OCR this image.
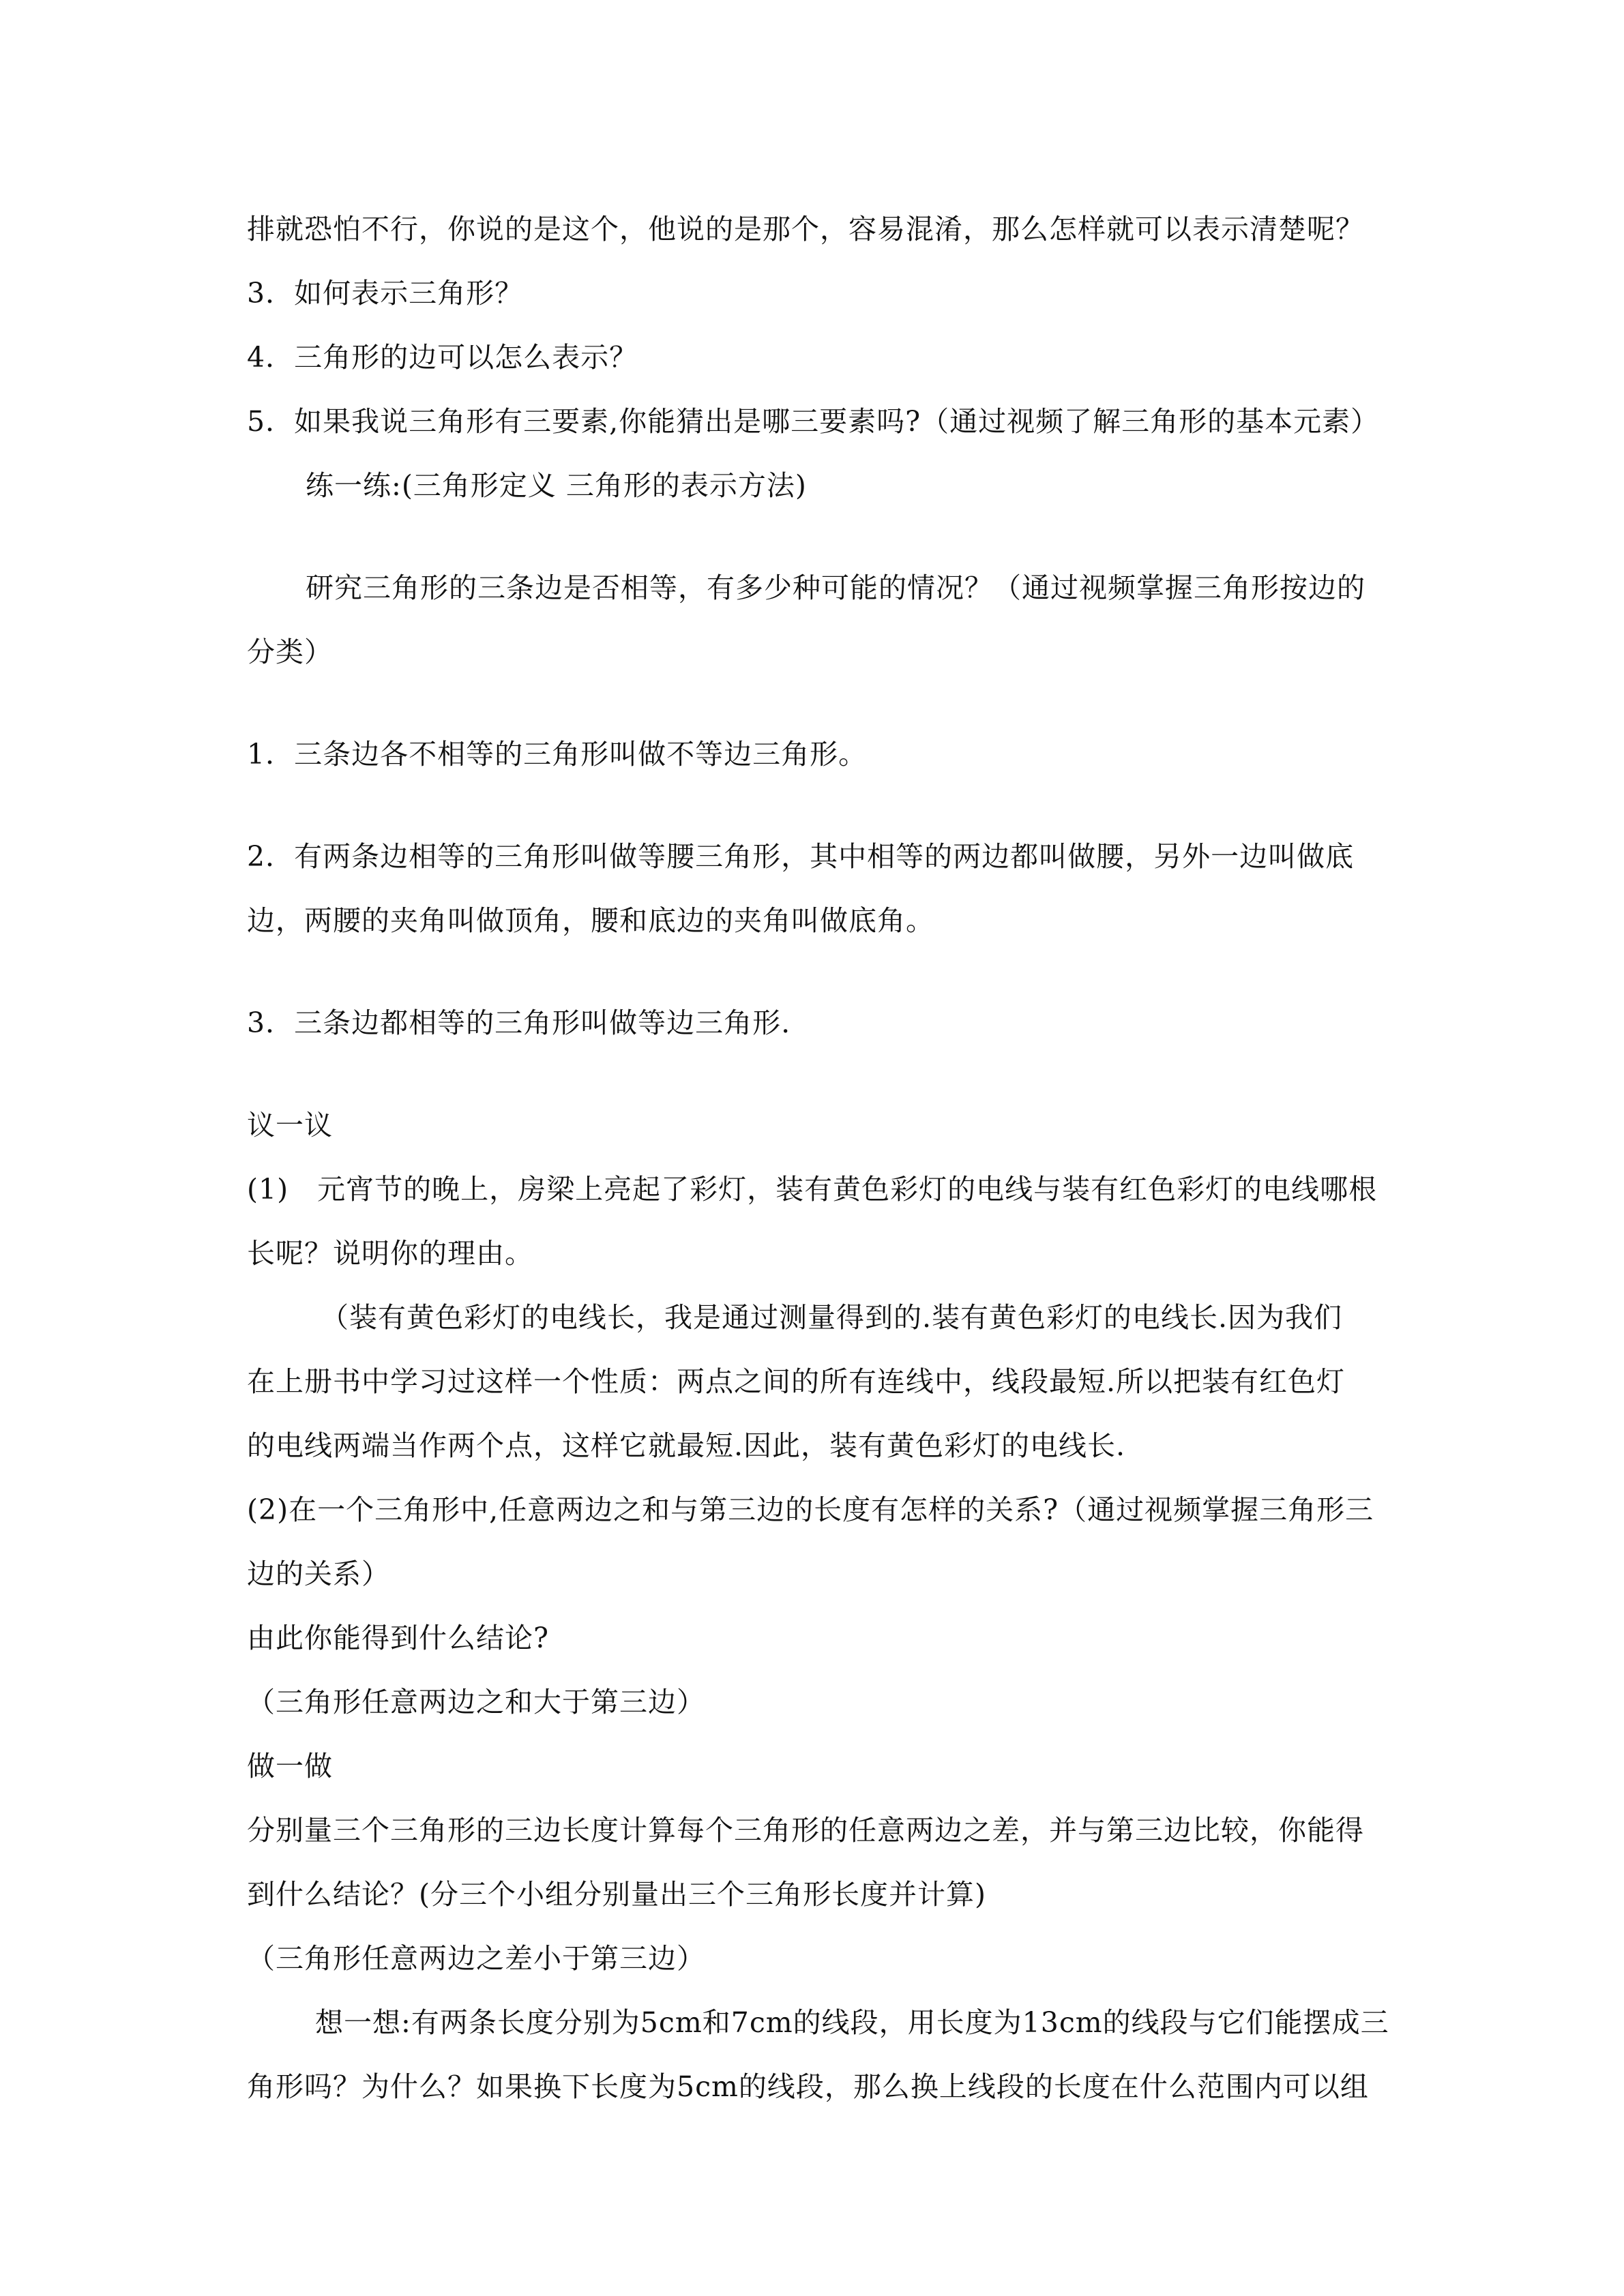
排就恐怕不行，你说的是这个，他说的是那个，容易混淆，那么怎样就可以表示清楚呢？
3．如何表示三角形？
4．三角形的边可以怎么表示？
5．如果我说三角形有三要素,你能猜出是哪三要素吗?（通过视频了解三角形的基本元素）
练一练:(三角形定义 三角形的表示方法)
研究三角形的三条边是否相等，有多少种可能的情况？（通过视频掌握三角形按边的
分类）
1．三条边各不相等的三角形叫做不等边三角形。
2．有两条边相等的三角形叫做等腰三角形，其中相等的两边都叫做腰，另外一边叫做底
边，两腰的夹角叫做顶角，腰和底边的夹角叫做底角。
3．三条边都相等的三角形叫做等边三角形.
议一议
(1)　元宵节的晚上，房梁上亮起了彩灯，装有黄色彩灯的电线与装有红色彩灯的电线哪根
长呢？说明你的理由。
（装有黄色彩灯的电线长，我是通过测量得到的.装有黄色彩灯的电线长.因为我们
在上册书中学习过这样一个性质：两点之间的所有连线中，线段最短.所以把装有红色灯
的电线两端当作两个点，这样它就最短.因此，装有黄色彩灯的电线长.
(2)在一个三角形中,任意两边之和与第三边的长度有怎样的关系?（通过视频掌握三角形三
边的关系）
由此你能得到什么结论?
（三角形任意两边之和大于第三边）
做一做
分别量三个三角形的三边长度计算每个三角形的任意两边之差，并与第三边比较，你能得
到什么结论？(分三个小组分别量出三个三角形长度并计算)
（三角形任意两边之差小于第三边）
想一想:有两条长度分别为5cm和7cm的线段，用长度为13cm的线段与它们能摆成三
角形吗？为什么？如果换下长度为5cm的线段，那么换上线段的长度在什么范围内可以组
